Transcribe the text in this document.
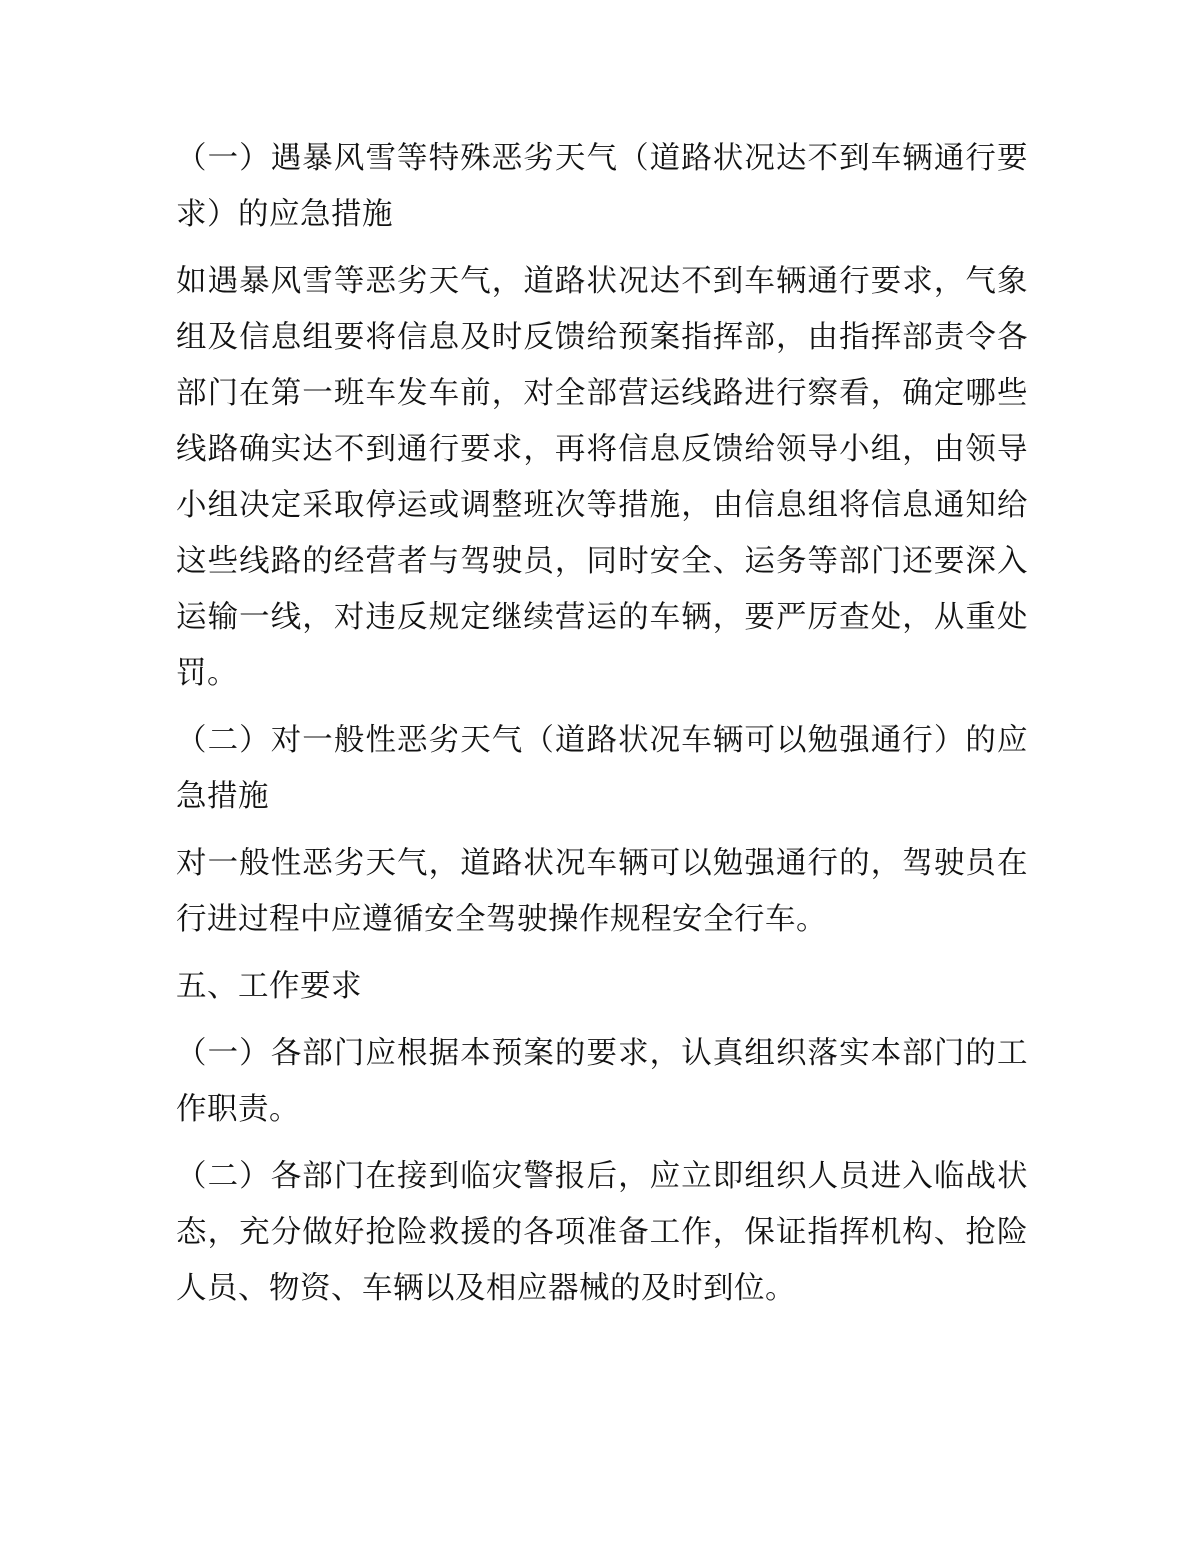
（一）遇暴风雪等特殊恶劣天气（道路状况达不到车辆通行要求）的应急措施

如遇暴风雪等恶劣天气，道路状况达不到车辆通行要求，气象组及信息组要将信息及时反馈给预案指挥部，由指挥部责令各部门在第一班车发车前，对全部营运线路进行察看，确定哪些线路确实达不到通行要求，再将信息反馈给领导小组，由领导小组决定采取停运或调整班次等措施，由信息组将信息通知给这些线路的经营者与驾驶员，同时安全、运务等部门还要深入运输一线，对违反规定继续营运的车辆，要严厉查处，从重处罚。

（二）对一般性恶劣天气（道路状况车辆可以勉强通行）的应急措施

对一般性恶劣天气，道路状况车辆可以勉强通行的，驾驶员在行进过程中应遵循安全驾驶操作规程安全行车。

五、工作要求

（一）各部门应根据本预案的要求，认真组织落实本部门的工作职责。

（二）各部门在接到临灾警报后，应立即组织人员进入临战状态，充分做好抢险救援的各项准备工作，保证指挥机构、抢险人员、物资、车辆以及相应器械的及时到位。
